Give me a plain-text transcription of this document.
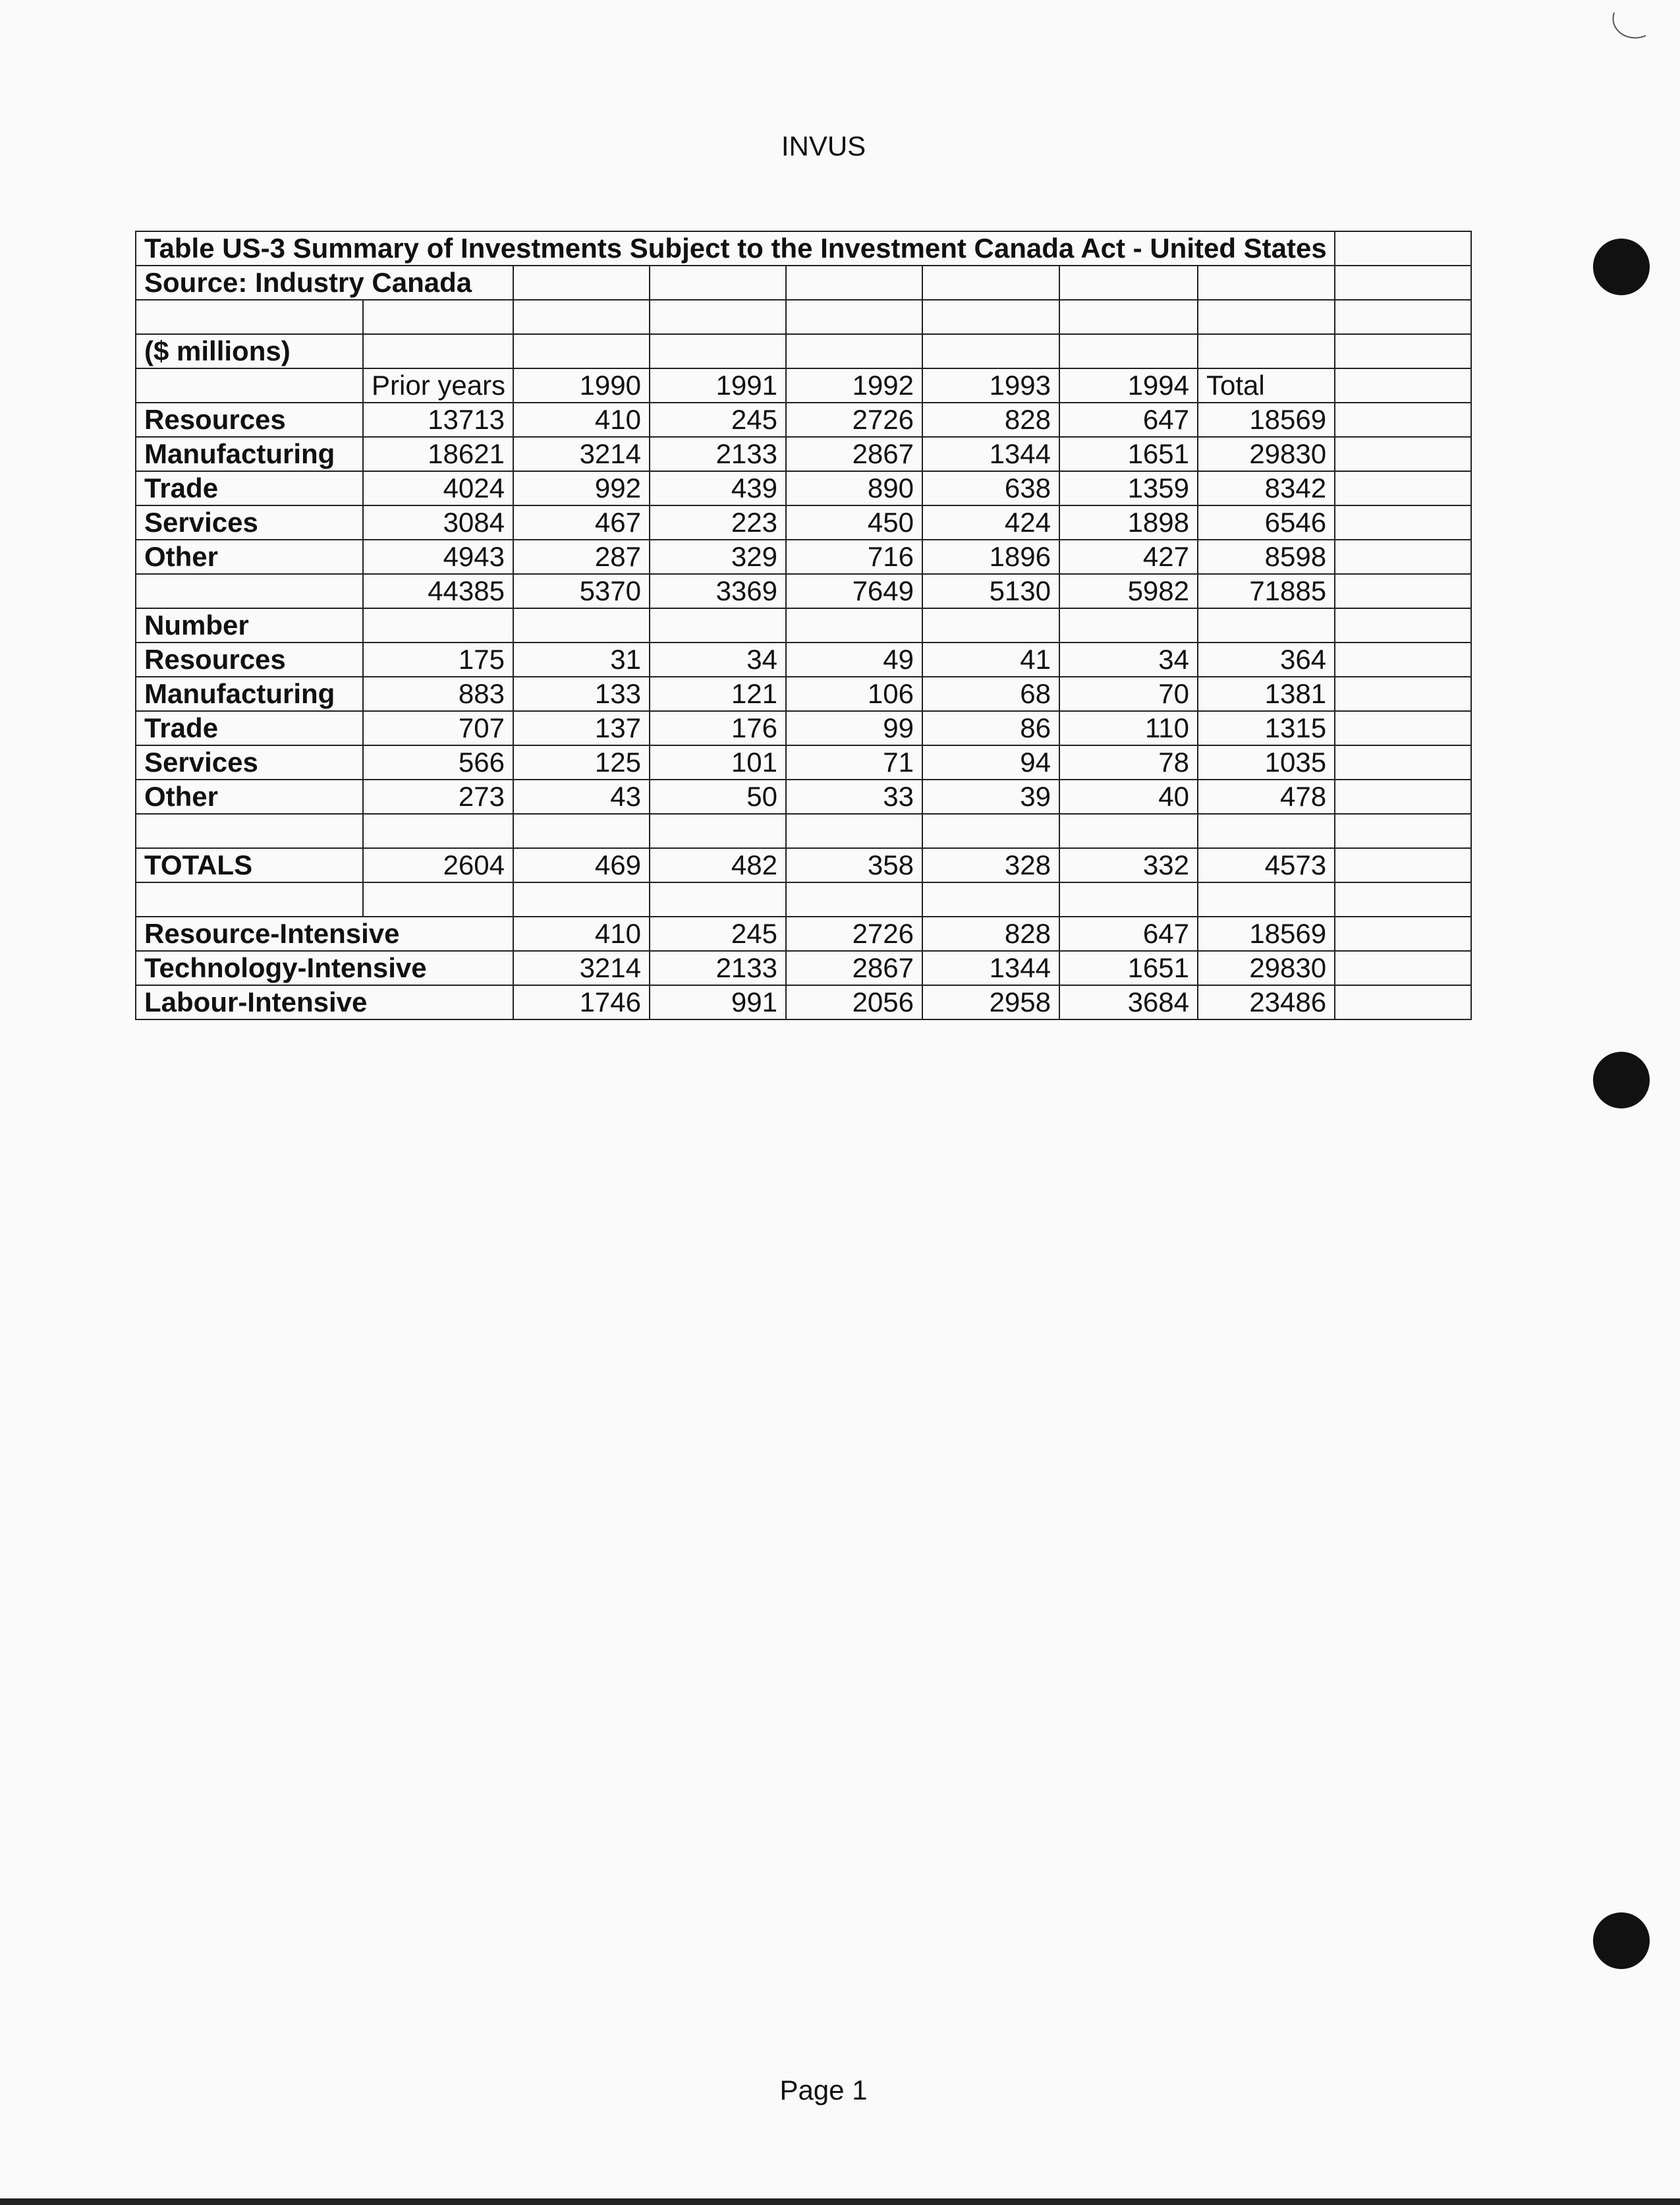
INVUS
Table US-3 Summary of Investments Subject to the Investment Canada Act - United States								
Source: Industry Canada								

($ millions)								
	Prior years	1990	1991	1992	1993	1994	Total	
Resources	13713	410	245	2726	828	647	18569	
Manufacturing	18621	3214	2133	2867	1344	1651	29830	
Trade	4024	992	439	890	638	1359	8342	
Services	3084	467	223	450	424	1898	6546	
Other	4943	287	329	716	1896	427	8598	
	44385	5370	3369	7649	5130	5982	71885	
Number								
Resources	175	31	34	49	41	34	364	
Manufacturing	883	133	121	106	68	70	1381	
Trade	707	137	176	99	86	110	1315	
Services	566	125	101	71	94	78	1035	
Other	273	43	50	33	39	40	478	

TOTALS	2604	469	482	358	328	332	4573	

Resource-Intensive		410	245	2726	828	647	18569	
Technology-Intensive		3214	2133	2867	1344	1651	29830	
Labour-Intensive		1746	991	2056	2958	3684	23486	
Page 1
